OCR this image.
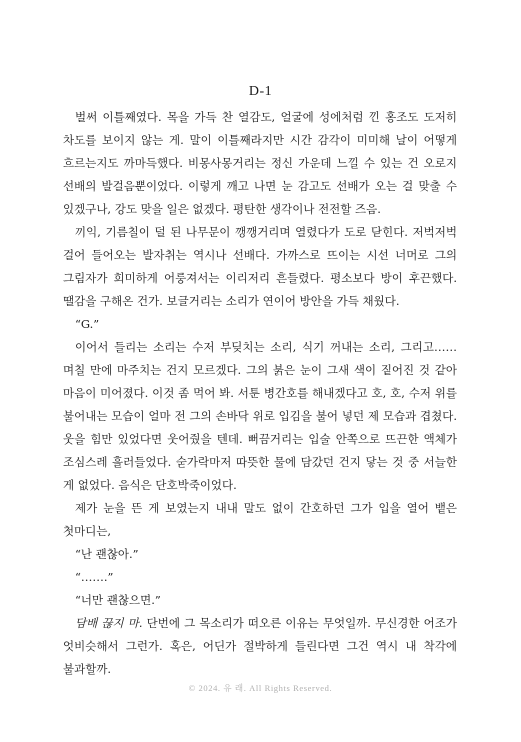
D-1

벌써 이틀째였다. 목을 가득 찬 열감도, 얼굴에 성에처럼 낀 홍조도 도저히 차도를 보이지 않는 게. 말이 이틀째라지만 시간 감각이 미미해 날이 어떻게 흐르는지도 까마득했다. 비몽사몽거리는 정신 가운데 느낄 수 있는 건 오로지 선배의 발걸음뿐이었다. 이렇게 깨고 나면 눈 감고도 선배가 오는 걸 맞출 수 있겠구나, 강도 맞을 일은 없겠다. 평탄한 생각이나 전전할 즈음.

끼익, 기름칠이 덜 된 나무문이 깽깽거리며 열렸다가 도로 닫힌다. 저벅저벅 걸어 들어오는 발자취는 역시나 선배다. 가까스로 뜨이는 시선 너머로 그의 그림자가 희미하게 어룽져서는 이리저리 흔들렸다. 평소보다 방이 후끈했다. 땔감을 구해온 건가. 보글거리는 소리가 연이어 방안을 가득 채웠다.

“G.”

이어서 들리는 소리는 수저 부딪치는 소리, 식기 꺼내는 소리, 그리고…… 며칠 만에 마주치는 건지 모르겠다. 그의 붉은 눈이 그새 색이 짙어진 것 같아 마음이 미어졌다. 이것 좀 먹어 봐. 서툰 병간호를 해내겠다고 호, 호, 수저 위를 불어내는 모습이 얼마 전 그의 손바닥 위로 입김을 불어 넣던 제 모습과 겹쳤다. 웃을 힘만 있었다면 웃어줬을 텐데. 뻐끔거리는 입술 안쪽으로 뜨끈한 액체가 조심스레 흘러들었다. 숟가락마저 따뜻한 물에 담갔던 건지 닿는 것 중 서늘한 게 없었다. 음식은 단호박죽이었다.

제가 눈을 뜬 게 보였는지 내내 말도 없이 간호하던 그가 입을 열어 뱉은 첫마디는,

“난 괜찮아.”

“…….”

“너만 괜찮으면.”

담배 끊지 마. 단번에 그 목소리가 떠오른 이유는 무엇일까. 무신경한 어조가 엇비슷해서 그런가. 혹은, 어딘가 절박하게 들린다면 그건 역시 내 착각에 불과할까.

© 2024. 유 래. All Rights Reserved.
